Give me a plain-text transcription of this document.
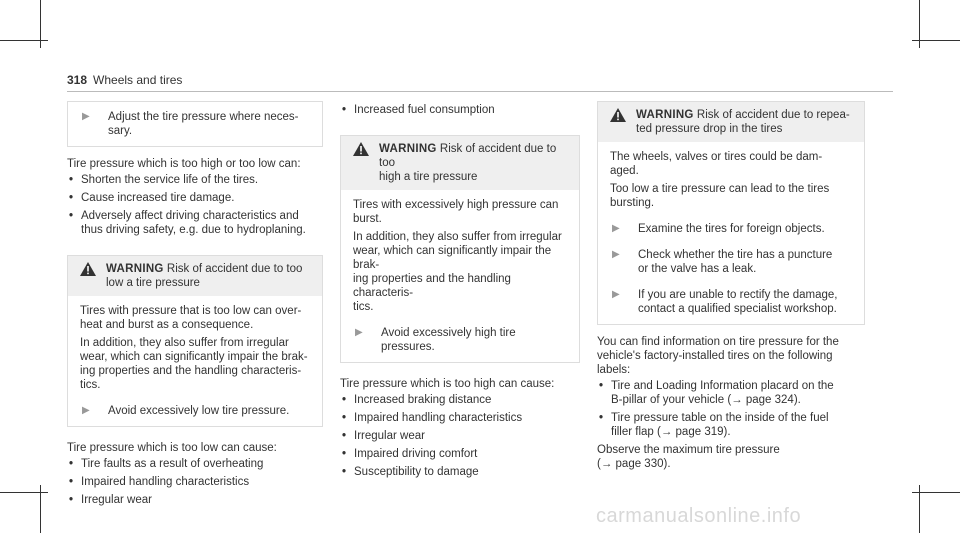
318 Wheels and tires
▶ Adjust the tire pressure where neces-
sary.

Tire pressure which is too high or too low can:

• Shorten the service life of the tires.
• Cause increased tire damage.
• Adversely affect driving characteristics and
thus driving safety, e.g. due to hydroplaning.
WARNING Risk of accident due to too
low a tire pressure

Tires with pressure that is too low can over-
heat and burst as a consequence.

In addition, they also suffer from irregular
wear, which can significantly impair the brak-
ing properties and the handling characteris-
tics.

▶ Avoid excessively low tire pressure.

Tire pressure which is too low can cause:

• Tire faults as a result of overheating
• Impaired handling characteristics
• Irregular wear
• Increased fuel consumption
WARNING Risk of accident due to too
high a tire pressure

Tires with excessively high pressure can
burst.

In addition, they also suffer from irregular
wear, which can significantly impair the brak-
ing properties and the handling characteris-
tics.

▶ Avoid excessively high tire pressures.

Tire pressure which is too high can cause:

• Increased braking distance
• Impaired handling characteristics
• Irregular wear
• Impaired driving comfort
• Susceptibility to damage
WARNING Risk of accident due to repea-
ted pressure drop in the tires

The wheels, valves or tires could be dam-
aged.

Too low a tire pressure can lead to the tires
bursting.

▶ Examine the tires for foreign objects.
▶ Check whether the tire has a puncture
or the valve has a leak.
▶ If you are unable to rectify the damage,
contact a qualified specialist workshop.

You can find information on tire pressure for the
vehicle's factory-installed tires on the following
labels:

• Tire and Loading Information placard on the
B-pillar of your vehicle (→ page 324).
• Tire pressure table on the inside of the fuel
filler flap (→ page 319).

Observe the maximum tire pressure
(→ page 330).

carmanualsonline.info
